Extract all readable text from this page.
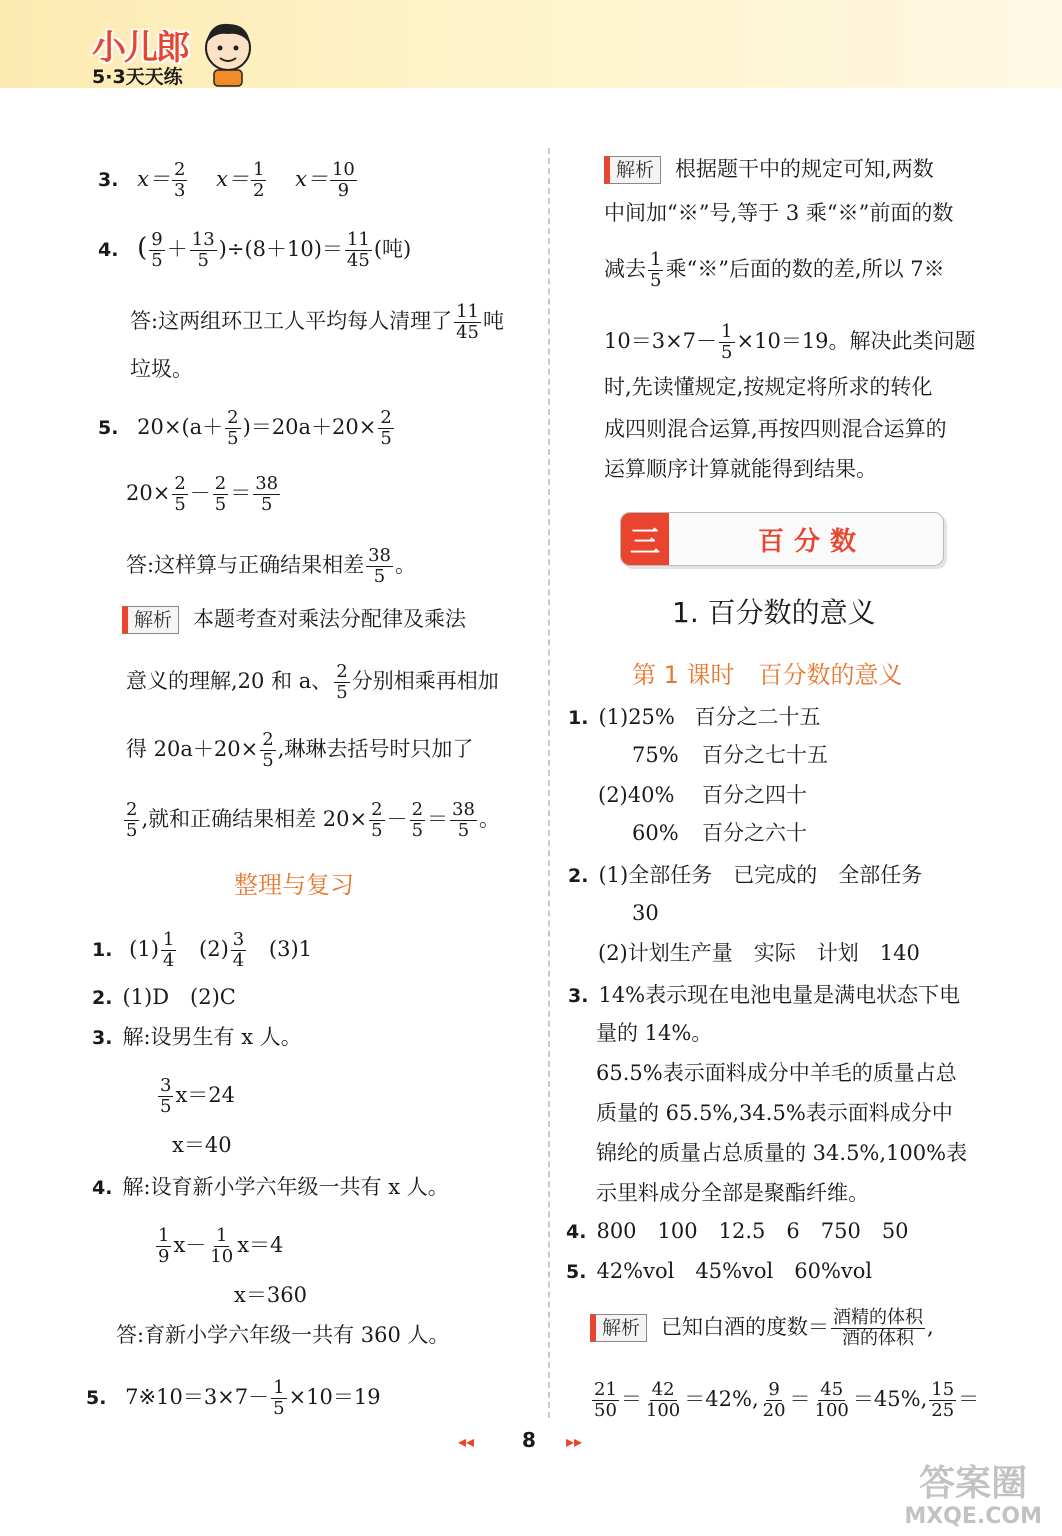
小儿郎
5·3天天练
3. $x= \frac{2}{3} x= \frac{1}{2} x= \frac{10}{9}$
4. ( $\frac{9}{5} + \frac{13}{5} )\div(8+10)= \frac{11}{45}$ (吨)
答:这两组环卫工人平均每人清理了 $\frac{11}{45}$ 吨
垃圾。
5. $20\times(a+ \frac{2}{5} )=20a+20\times \frac{2}{5}$
$20\times \frac{2}{5} - \frac{2}{5} = \frac{38}{5}$
答:这样算与正确结果相差 $\frac{38}{5}$ 。
解析 本题考查对乘法分配律及乘法
意义的理解,20 和 a、 $\frac{2}{5}$ 分别相乘再相加
得 $20a+20\times \frac{2}{5}$ ,琳琳去括号时只加了
$\frac{2}{5}$ ,就和正确结果相差 $20\times \frac{2}{5} - \frac{2}{5} = \frac{38}{5}$ 。
整理与复习
1. $(1) \frac{1}{4} (2) \frac{3}{4} (3)1$
2. (1)D　(2)C
3. 解:设男生有 x 人。
$\frac{3}{5} x=24$
x＝40
4. 解:设育新小学六年级一共有 x 人。
$\frac{1}{9} x- \frac{1}{10} x=4$
x＝360
答:育新小学六年级一共有 360 人。
5. 7※10＝3×7－ $\frac{1}{5} \times 10=19$
解析 根据题干中的规定可知,两数
中间加“※”号,等于 3 乘“※”前面的数
减去 $\frac{1}{5}$ 乘“※”后面的数的差,所以 7※
$10=3\times 7- \frac{1}{5} \times 10=19$。解决此类问题
时,先读懂规定,按规定将所求的转化
成四则混合运算,再按四则混合运算的
运算顺序计算就能得到结果。
三	百分数
1. 百分数的意义
第 1 课时　百分数的意义
1. (1)25% 百分之二十五
75% 百分之七十五
(2)40% 百分之四十
60% 百分之六十
2. (1)全部任务　已完成的　全部任务
30
(2)计划生产量　实际　计划　140
3. 14%表示现在电池电量是满电状态下电
量的 14%。
65.5%表示面料成分中羊毛的质量占总
质量的 65.5%,34.5%表示面料成分中
锦纶的质量占总质量的 34.5%,100%表
示里料成分全部是聚酯纤维。
4. 800　100　12.5　6　750　50
5. 42%vol　45%vol　60%vol
解析 已知白酒的度数＝ $\frac{\text{酒精的体积}}{\text{酒的体积}}$ ,
$\frac{21}{50} = \frac{42}{100} =42\%$, $\frac{9}{20} = \frac{45}{100} =45\%$, $\frac{15}{25}$ ＝
◂◂ 8 ▸▸
答案圈
MXQE.COM
